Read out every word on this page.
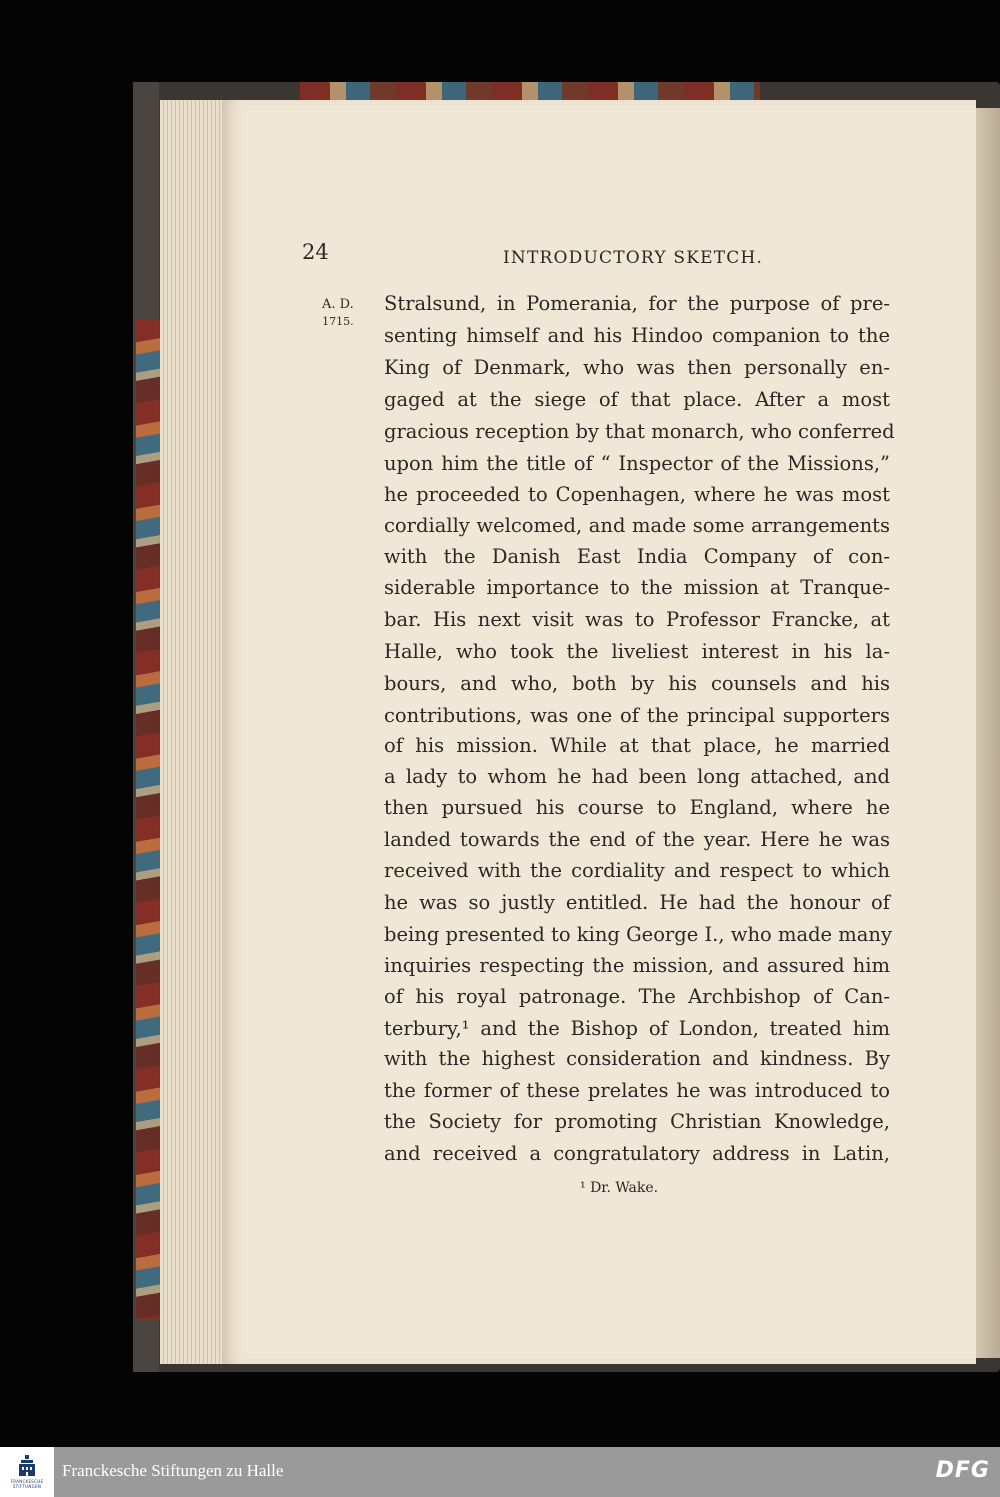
24	INTRODUCTORY SKETCH.
A. D.
1715.
Stralsund, in Pomerania, for the purpose of pre-
senting himself and his Hindoo companion to the
King of Denmark, who was then personally en-
gaged at the siege of that place. After a most
gracious reception by that monarch, who conferred
upon him the title of “ Inspector of the Missions,”
he proceeded to Copenhagen, where he was most
cordially welcomed, and made some arrangements
with the Danish East India Company of con-
siderable importance to the mission at Tranque-
bar. His next visit was to Professor Francke, at
Halle, who took the liveliest interest in his la-
bours, and who, both by his counsels and his
contributions, was one of the principal supporters
of his mission. While at that place, he married
a lady to whom he had been long attached, and
then pursued his course to England, where he
landed towards the end of the year. Here he was
received with the cordiality and respect to which
he was so justly entitled. He had the honour of
being presented to king George I., who made many
inquiries respecting the mission, and assured him
of his royal patronage. The Archbishop of Can-
terbury,¹ and the Bishop of London, treated him
with the highest consideration and kindness. By
the former of these prelates he was introduced to
the Society for promoting Christian Knowledge,
and received a congratulatory address in Latin,
¹ Dr. Wake.
FRANCKESCHE STIFTUNGEN
Franckesche Stiftungen zu Halle	DFG
